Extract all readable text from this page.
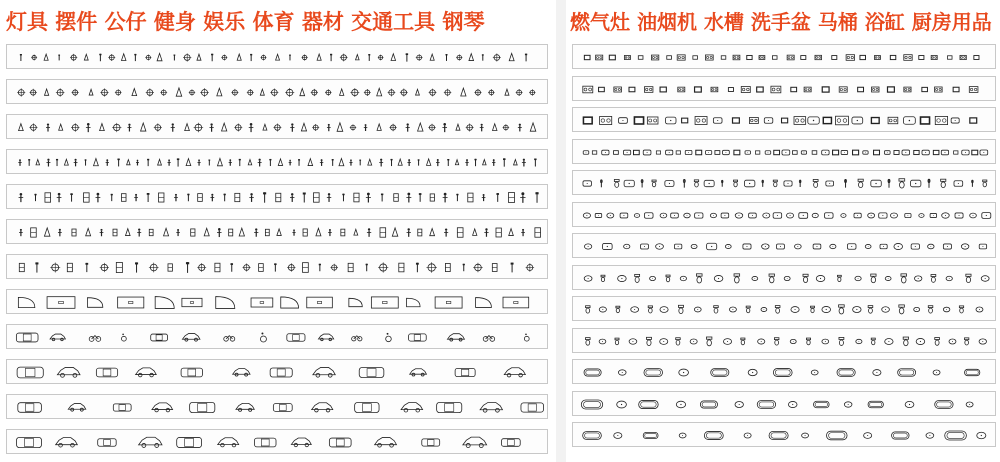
灯具 摆件 公仔 健身 娱乐 体育 器材 交通工具 钢琴	燃气灶 油烟机 水槽 洗手盆 马桶 浴缸 厨房用品
